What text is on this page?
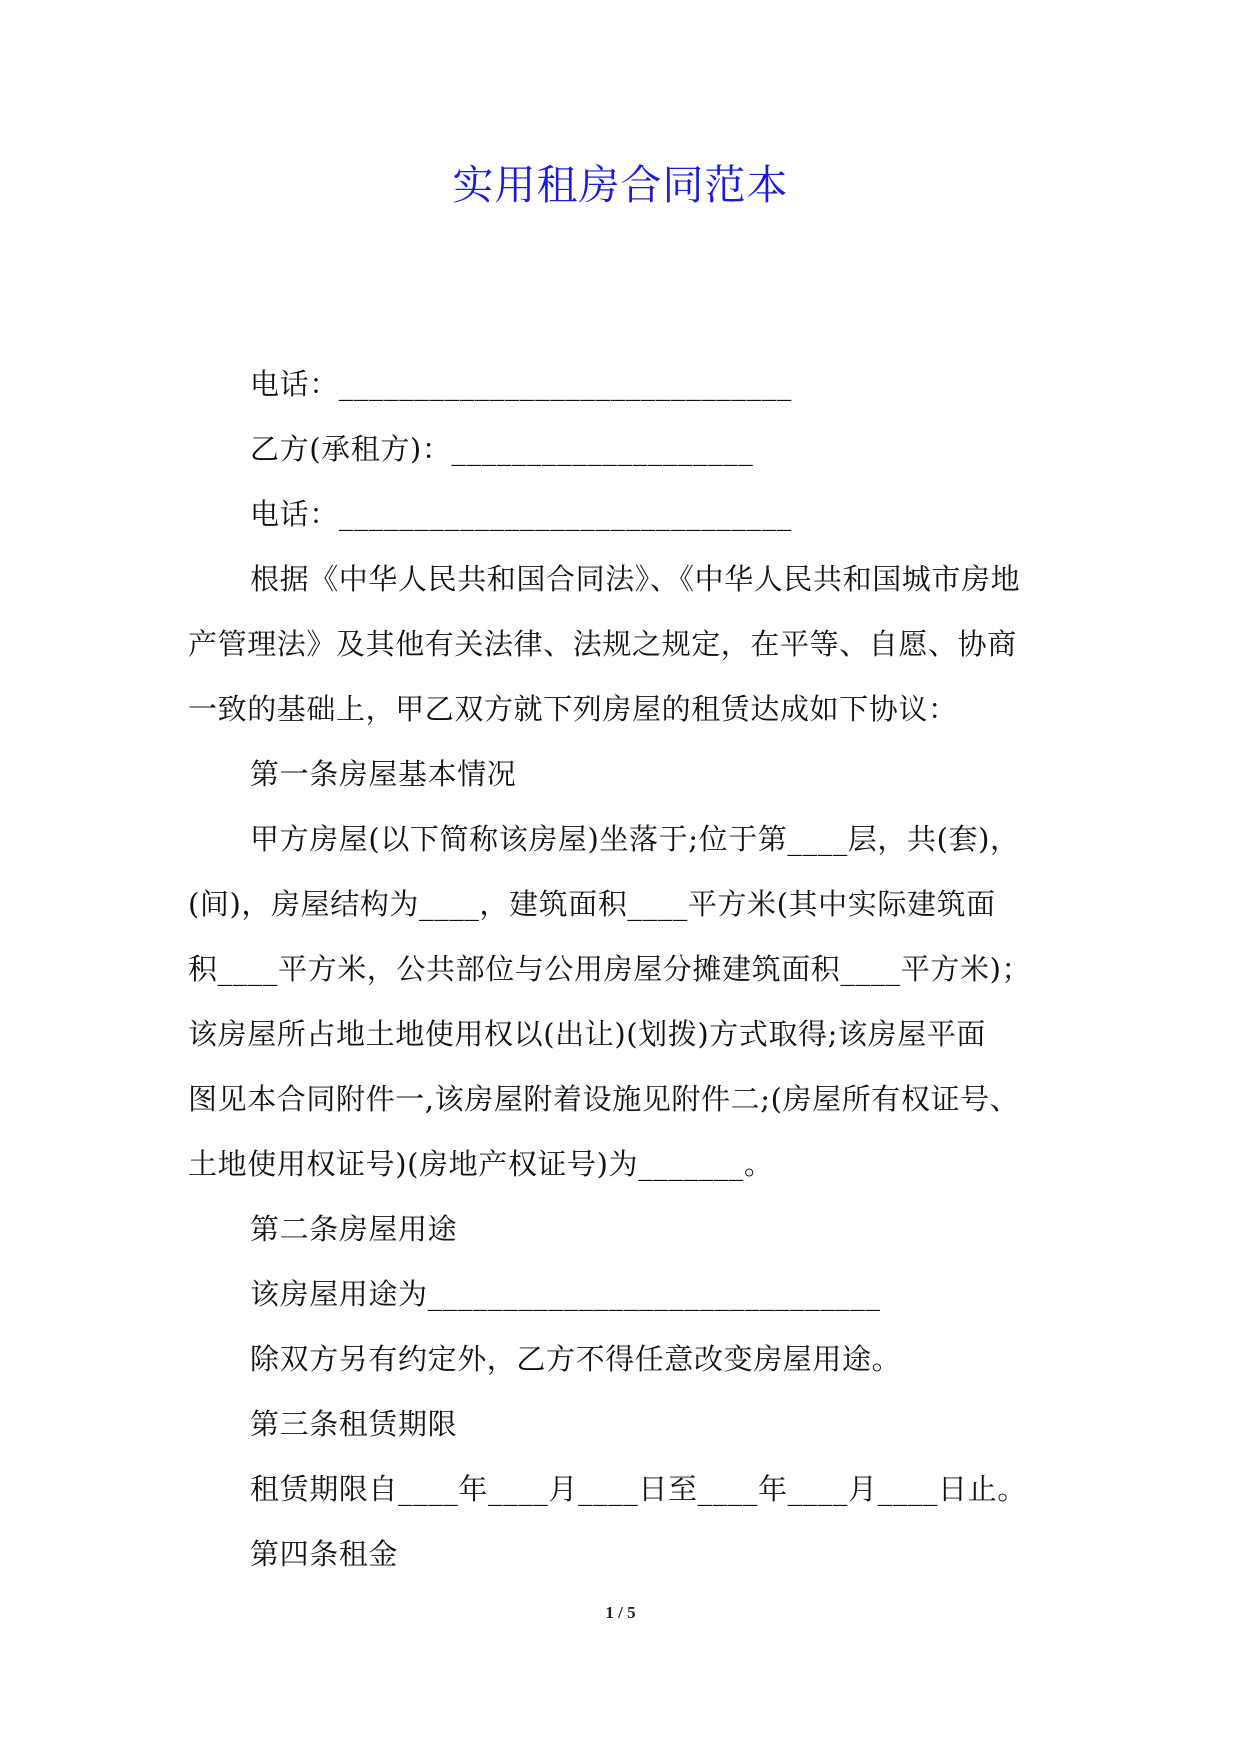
实用租房合同范本
电话：______________________________
乙方(承租方)：____________________
电话：______________________________
根据《中华人民共和国合同法》、《中华人民共和国城市房地
产管理法》及其他有关法律、法规之规定，在平等、自愿、协商
一致的基础上，甲乙双方就下列房屋的租赁达成如下协议：
第一条房屋基本情况
甲方房屋(以下简称该房屋)坐落于;位于第____层，共(套)，
(间)，房屋结构为____，建筑面积____平方米(其中实际建筑面
积____平方米，公共部位与公用房屋分摊建筑面积____平方米)；
该房屋所占地土地使用权以(出让)(划拨)方式取得;该房屋平面
图见本合同附件一,该房屋附着设施见附件二;(房屋所有权证号、
土地使用权证号)(房地产权证号)为_______。
第二条房屋用途
该房屋用途为______________________________
除双方另有约定外，乙方不得任意改变房屋用途。
第三条租赁期限
租赁期限自____年____月____日至____年____月____日止。
第四条租金
1 / 5
